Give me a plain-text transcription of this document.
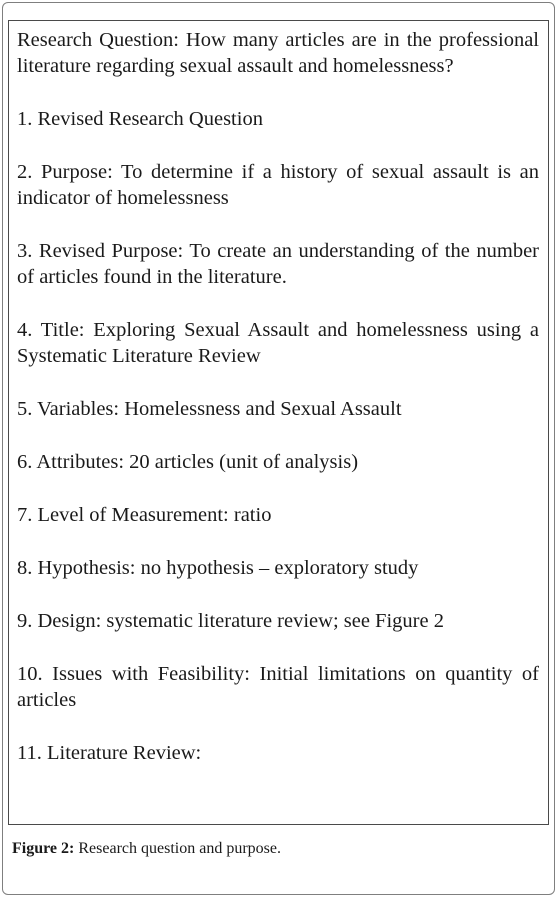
Research Question: How many articles are in the professional literature regarding sexual assault and homelessness?

1. Revised Research Question

2. Purpose: To determine if a history of sexual assault is an indicator of homelessness

3. Revised Purpose: To create an understanding of the number of articles found in the literature.

4. Title: Exploring Sexual Assault and homelessness using a Systematic Literature Review

5. Variables: Homelessness and Sexual Assault

6. Attributes: 20 articles (unit of analysis)

7. Level of Measurement: ratio

8. Hypothesis: no hypothesis – exploratory study

9. Design: systematic literature review; see Figure 2

10. Issues with Feasibility: Initial limitations on quantity of articles

11. Literature Review:

Figure 2: Research question and purpose.
